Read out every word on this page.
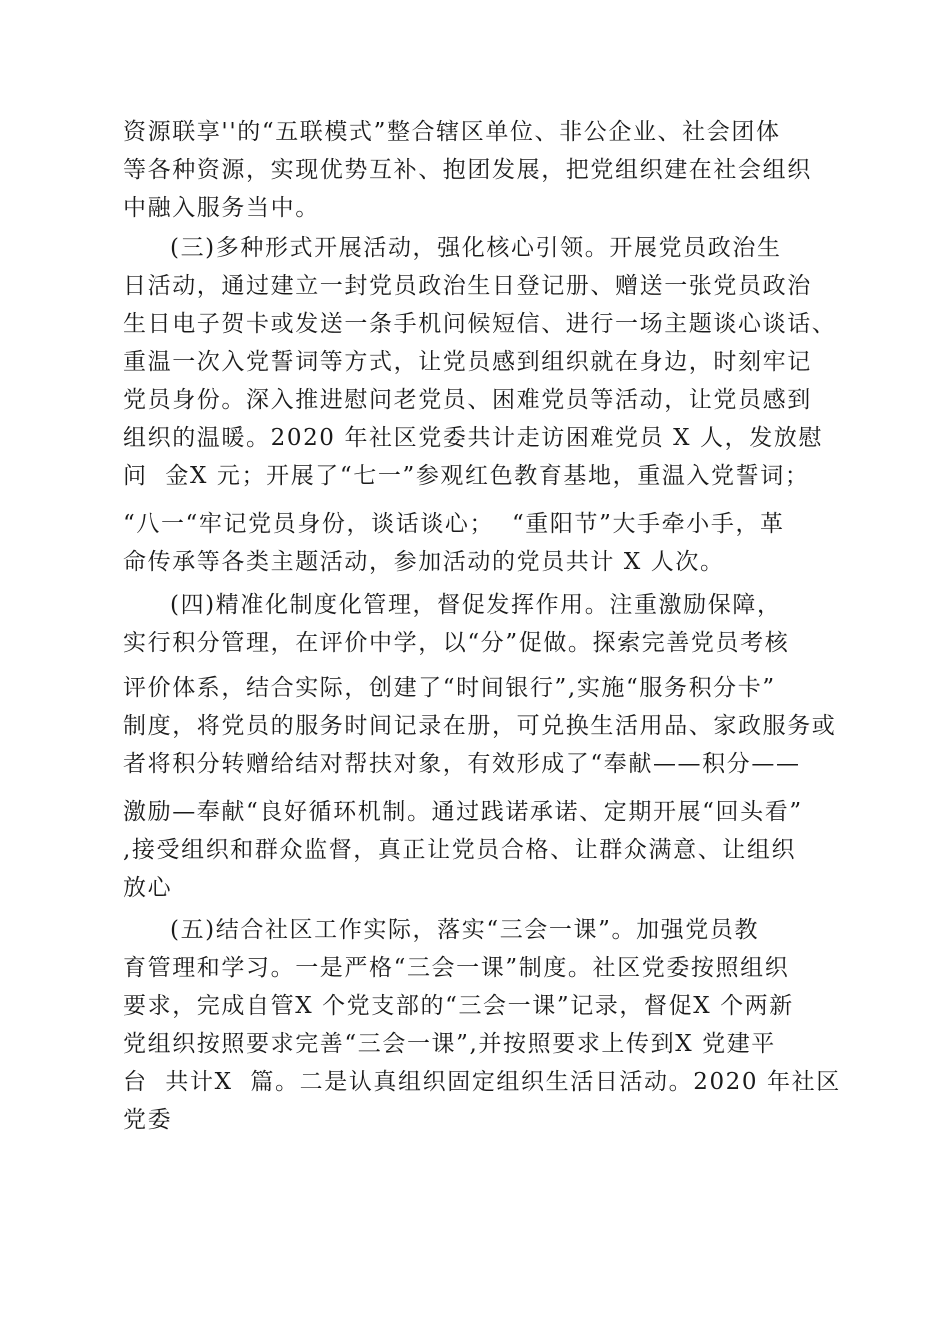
资源联享''的“五联模式”整合辖区单位、非公企业、社会团体
等各种资源，实现优势互补、抱团发展，把党组织建在社会组织
中融入服务当中。
(三)多种形式开展活动，强化核心引领。开展党员政治生
日活动，通过建立一封党员政治生日登记册、赠送一张党员政治
生日电子贺卡或发送一条手机问候短信、进行一场主题谈心谈话、
重温一次入党誓词等方式，让党员感到组织就在身边，时刻牢记
党员身份。深入推进慰问老党员、困难党员等活动，让党员感到
组织的温暖。2020 年社区党委共计走访困难党员 X 人，发放慰
问  金X 元；开展了“七一”参观红色教育基地，重温入党誓词；
“八一“牢记党员身份，谈话谈心；  “重阳节”大手牵小手，革
命传承等各类主题活动，参加活动的党员共计 X 人次。
(四)精准化制度化管理，督促发挥作用。注重激励保障，
实行积分管理，在评价中学，以“分”促做。探索完善党员考核
评价体系，结合实际，创建了“时间银行”,实施“服务积分卡”
制度，将党员的服务时间记录在册，可兑换生活用品、家政服务或
者将积分转赠给结对帮扶对象，有效形成了“奉献——积分——
激励—奉献“良好循环机制。通过践诺承诺、定期开展“回头看”
,接受组织和群众监督，真正让党员合格、让群众满意、让组织
放心
(五)结合社区工作实际，落实“三会一课”。加强党员教
育管理和学习。一是严格“三会一课”制度。社区党委按照组织
要求，完成自管X 个党支部的“三会一课”记录，督促X 个两新
党组织按照要求完善“三会一课”,并按照要求上传到X 党建平
台  共计X  篇。二是认真组织固定组织生活日活动。2020 年社区
党委
